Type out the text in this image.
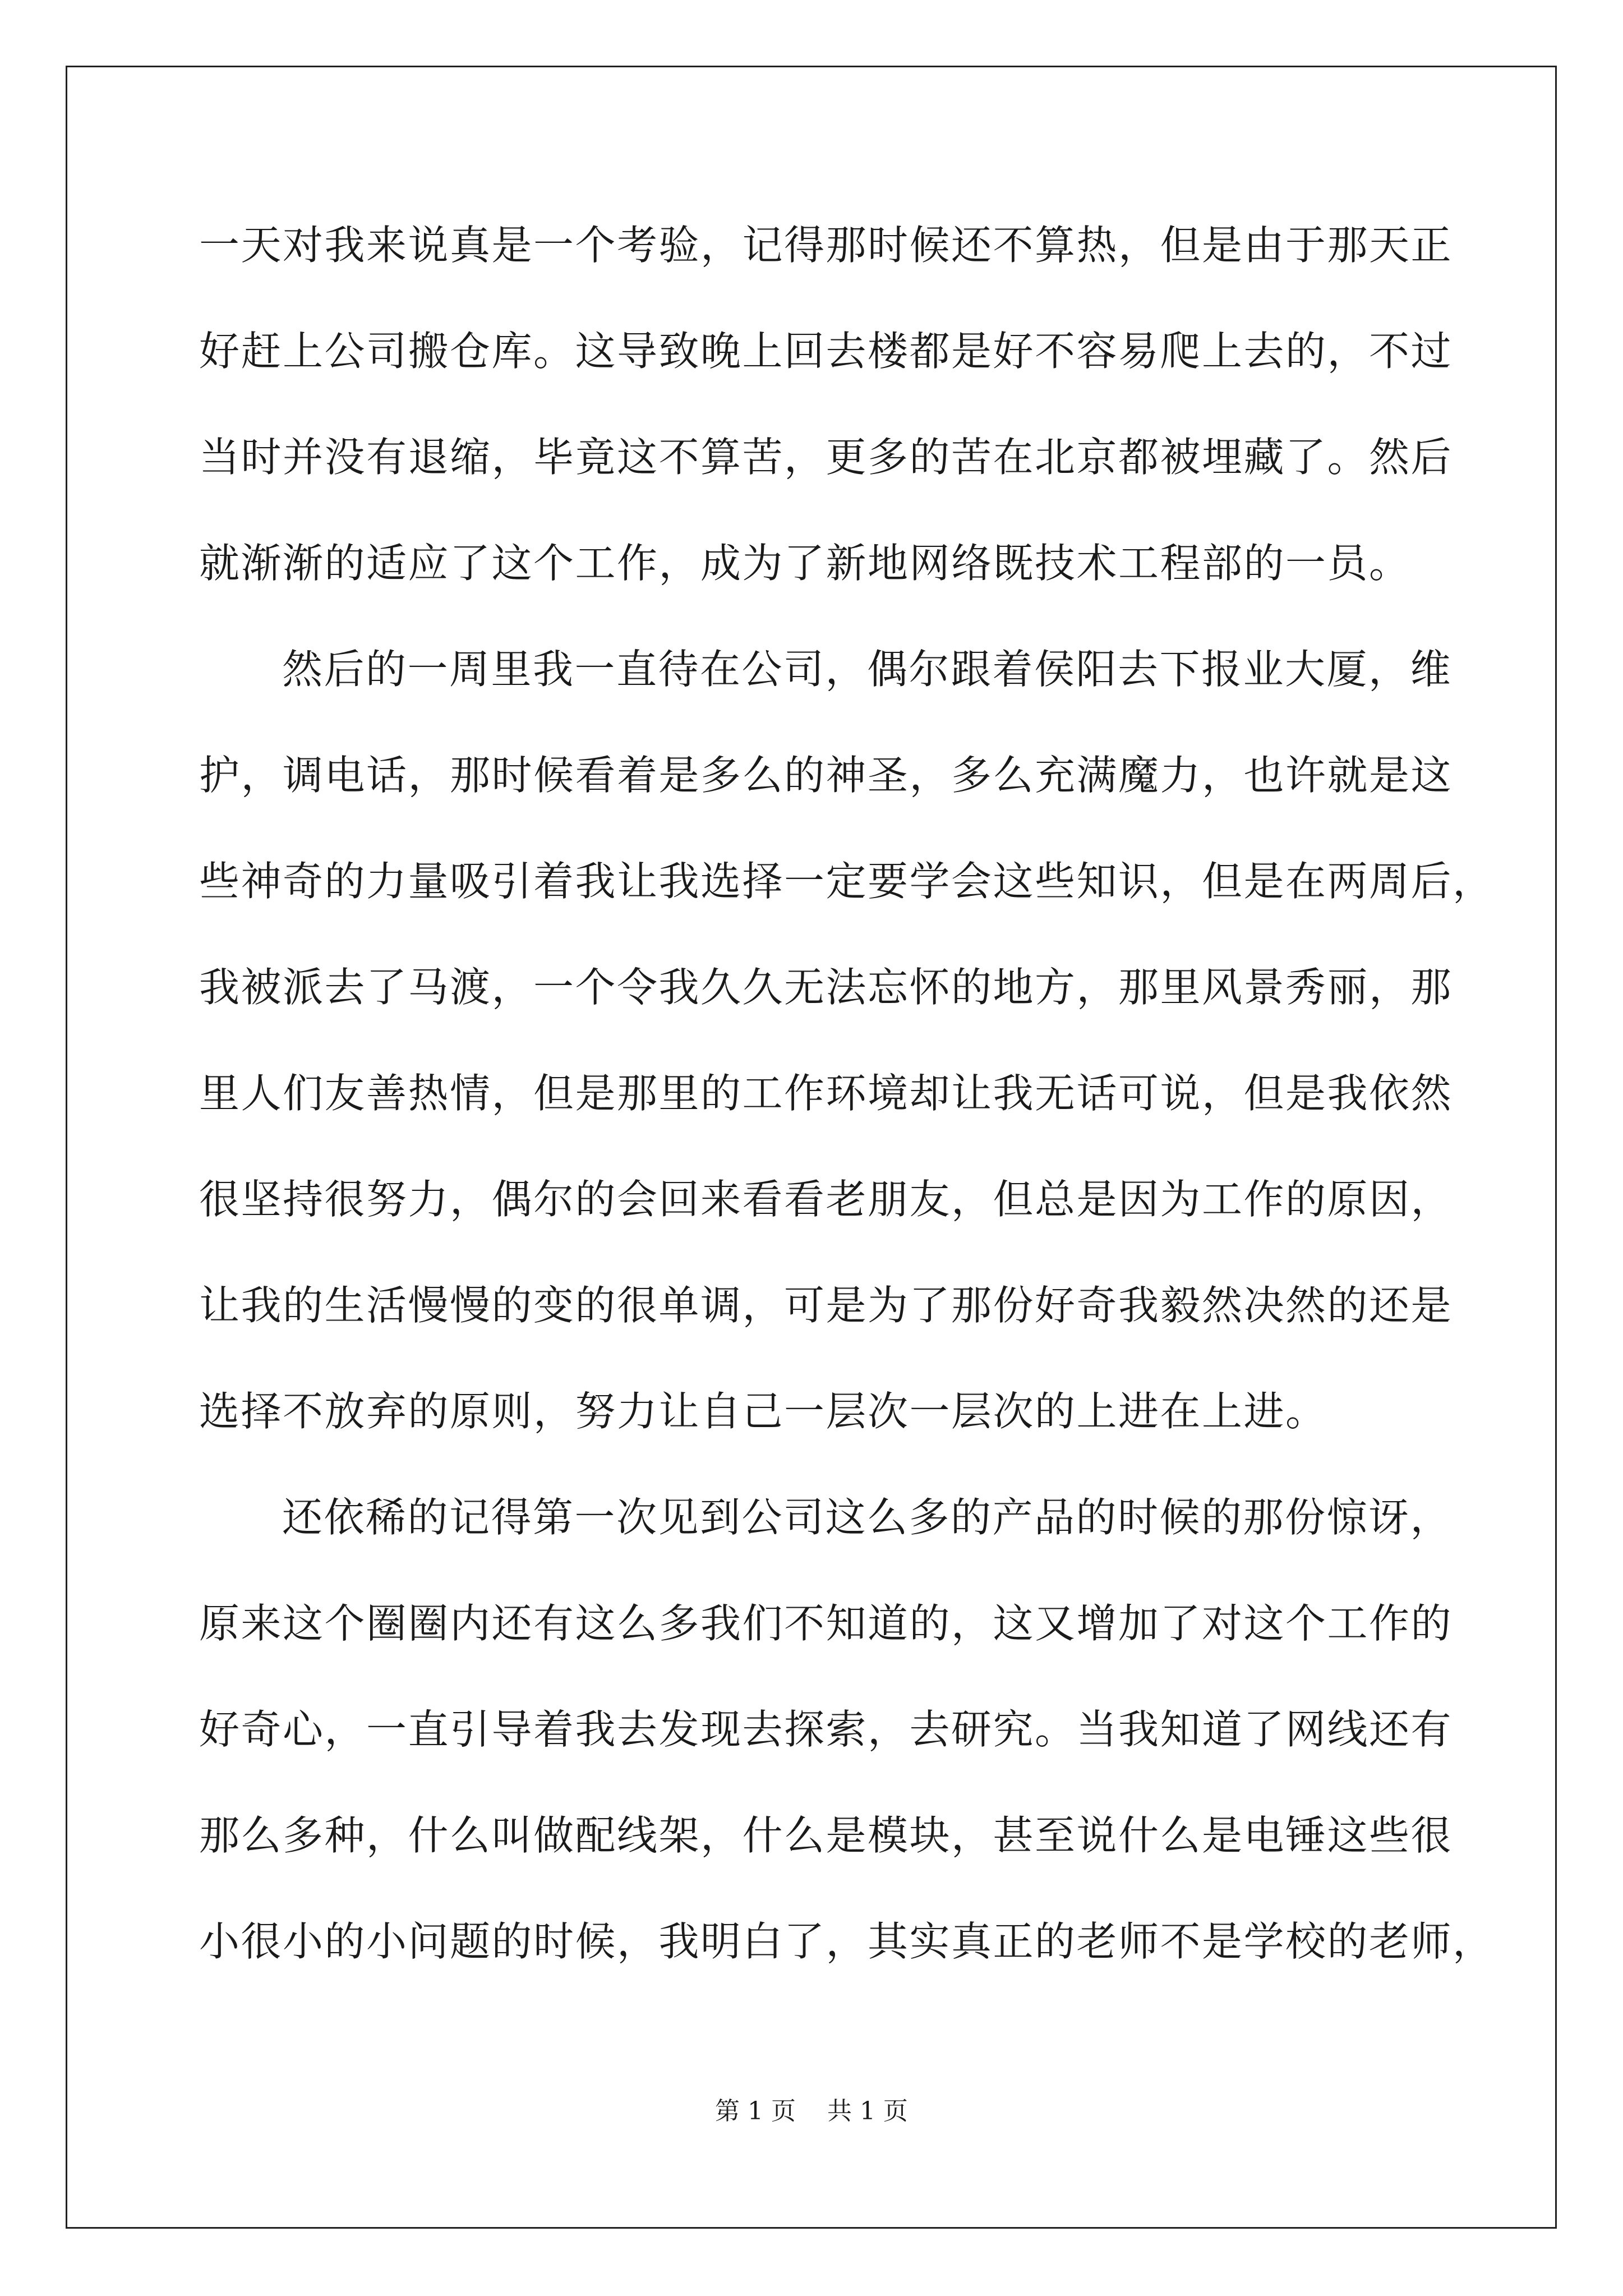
一天对我来说真是一个考验，记得那时候还不算热，但是由于那天正
好赶上公司搬仓库。这导致晚上回去楼都是好不容易爬上去的，不过
当时并没有退缩，毕竟这不算苦，更多的苦在北京都被埋藏了。然后
就渐渐的适应了这个工作，成为了新地网络既技术工程部的一员。
然后的一周里我一直待在公司，偶尔跟着侯阳去下报业大厦，维
护，调电话，那时候看着是多么的神圣，多么充满魔力，也许就是这
些神奇的力量吸引着我让我选择一定要学会这些知识，但是在两周后，
我被派去了马渡，一个令我久久无法忘怀的地方，那里风景秀丽，那
里人们友善热情，但是那里的工作环境却让我无话可说，但是我依然
很坚持很努力，偶尔的会回来看看老朋友，但总是因为工作的原因，
让我的生活慢慢的变的很单调，可是为了那份好奇我毅然决然的还是
选择不放弃的原则，努力让自己一层次一层次的上进在上进。
还依稀的记得第一次见到公司这么多的产品的时候的那份惊讶，
原来这个圈圈内还有这么多我们不知道的，这又增加了对这个工作的
好奇心，一直引导着我去发现去探索，去研究。当我知道了网线还有
那么多种，什么叫做配线架，什么是模块，甚至说什么是电锤这些很
小很小的小问题的时候，我明白了，其实真正的老师不是学校的老师，
第 1 页    共 1 页
